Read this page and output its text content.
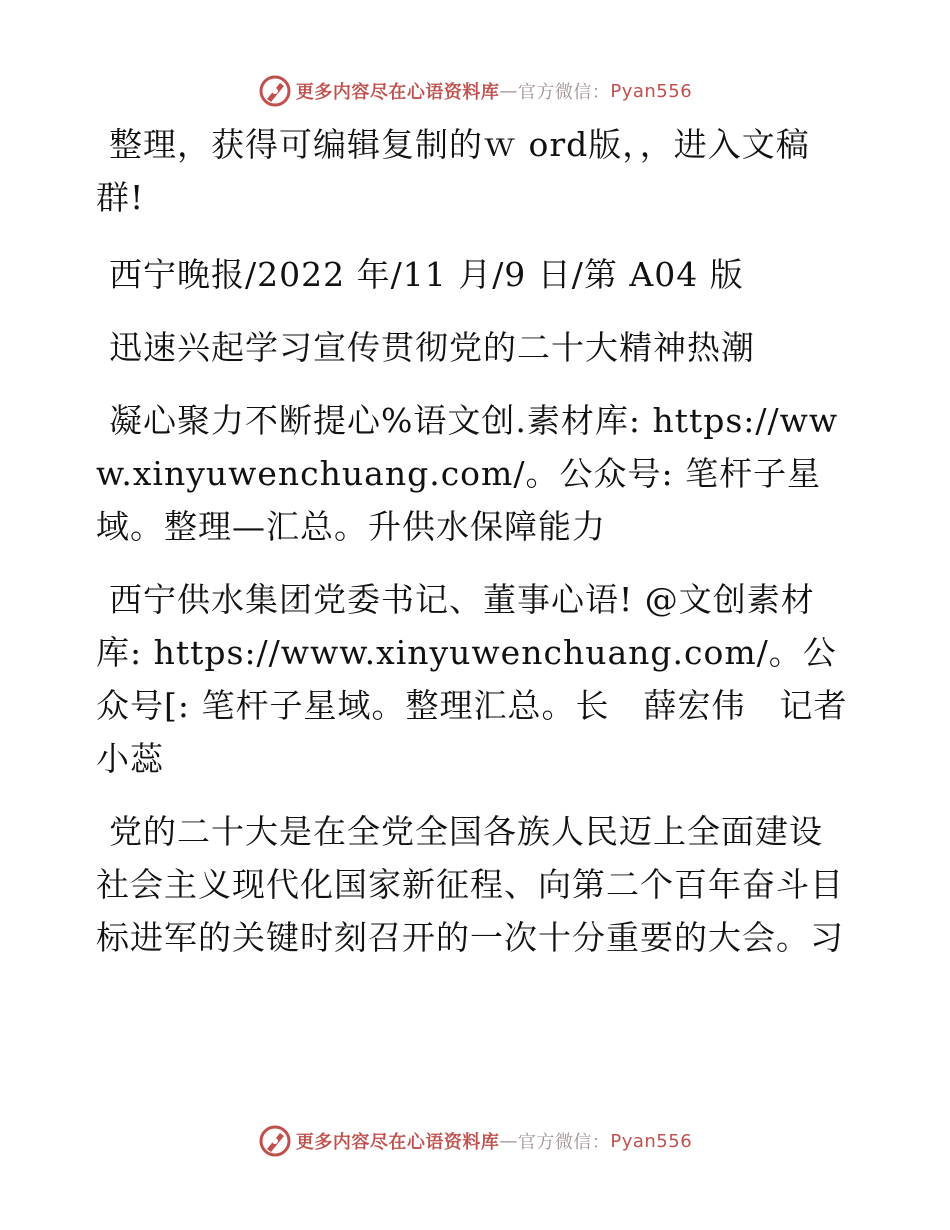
更多内容尽在心语资料库 — 官方微信： Pyan556

整理，获得可编辑复制的ｗ ord版，，进入文稿群!

西宁晚报/2022 年/11 月/9 日/第 A04 版

迅速兴起学习宣传贯彻党的二十大精神热潮

凝心聚力不断提心%语文创.素材库: https://www.xinyuwenchuang.com/。公众号: 笔杆子星域。整理—汇总。升供水保障能力

西宁供水集团党委书记、董事心语! @文创素材库: https://www.xinyuwenchuang.com/。公众号[: 笔杆子星域。整理汇总。长　薛宏伟　记者小蕊

党的二十大是在全党全国各族人民迈上全面建设社会主义现代化国家新征程、向第二个百年奋斗目标进军的关键时刻召开的一次十分重要的大会。习

更多内容尽在心语资料库 — 官方微信： Pyan556
